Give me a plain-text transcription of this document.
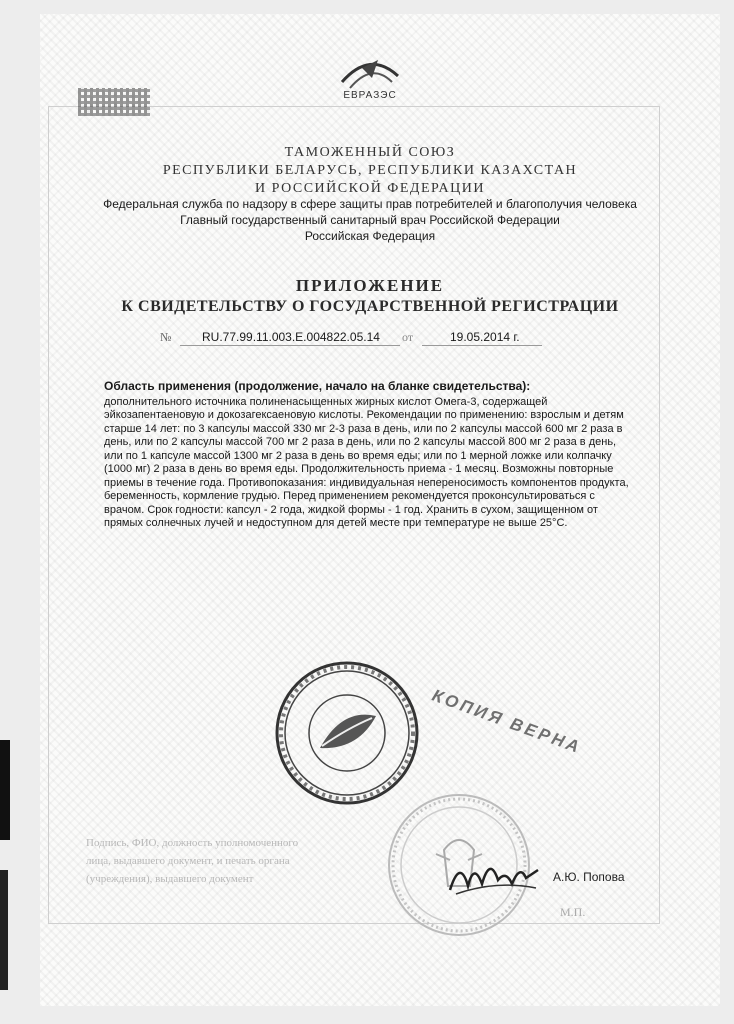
ЕВРАЗЭС
ТАМОЖЕННЫЙ СОЮЗ
РЕСПУБЛИКИ БЕЛАРУСЬ, РЕСПУБЛИКИ КАЗАХСТАН
И РОССИЙСКОЙ ФЕДЕРАЦИИ
Федеральная служба по надзору в сфере защиты прав потребителей и благополучия человека
Главный государственный санитарный врач Российской Федерации
Российская Федерация
ПРИЛОЖЕНИЕ
К СВИДЕТЕЛЬСТВУ О ГОСУДАРСТВЕННОЙ РЕГИСТРАЦИИ
№	RU.77.99.11.003.Е.004822.05.14 от	19.05.2014 г.
Область применения (продолжение, начало на бланке свидетельства):
дополнительного источника полиненасыщенных жирных кислот Омега-3, содержащей эйкозапентаеновую и докозагексаеновую кислоты. Рекомендации по применению: взрослым и детям старше 14 лет: по 3 капсулы массой 330 мг 2-3 раза в день, или по 2 капсулы массой 600 мг 2 раза в день, или по 2 капсулы массой 700 мг 2 раза в день, или по 2 капсулы массой 800 мг 2 раза в день, или по 1 капсуле массой 1300 мг 2 раза в день во время еды; или по 1 мерной ложке или колпачку (1000 мг) 2 раза в день во время еды. Продолжительность приема - 1 месяц. Возможны повторные приемы в течение года. Противопоказания: индивидуальная непереносимость компонентов продукта, беременность, кормление грудью. Перед применением рекомендуется проконсультироваться с врачом. Срок годности: капсул - 2 года, жидкой формы - 1 год. Хранить в сухом, защищенном от прямых солнечных лучей и недоступном для детей месте при температуре не выше 25°С.
КОПИЯ ВЕРНА
Подпись, ФИО, должность уполномоченного
лица, выдавшего документ, и печать органа
(учреждения), выдавшего документ	А.Ю. Попова
М.П.
